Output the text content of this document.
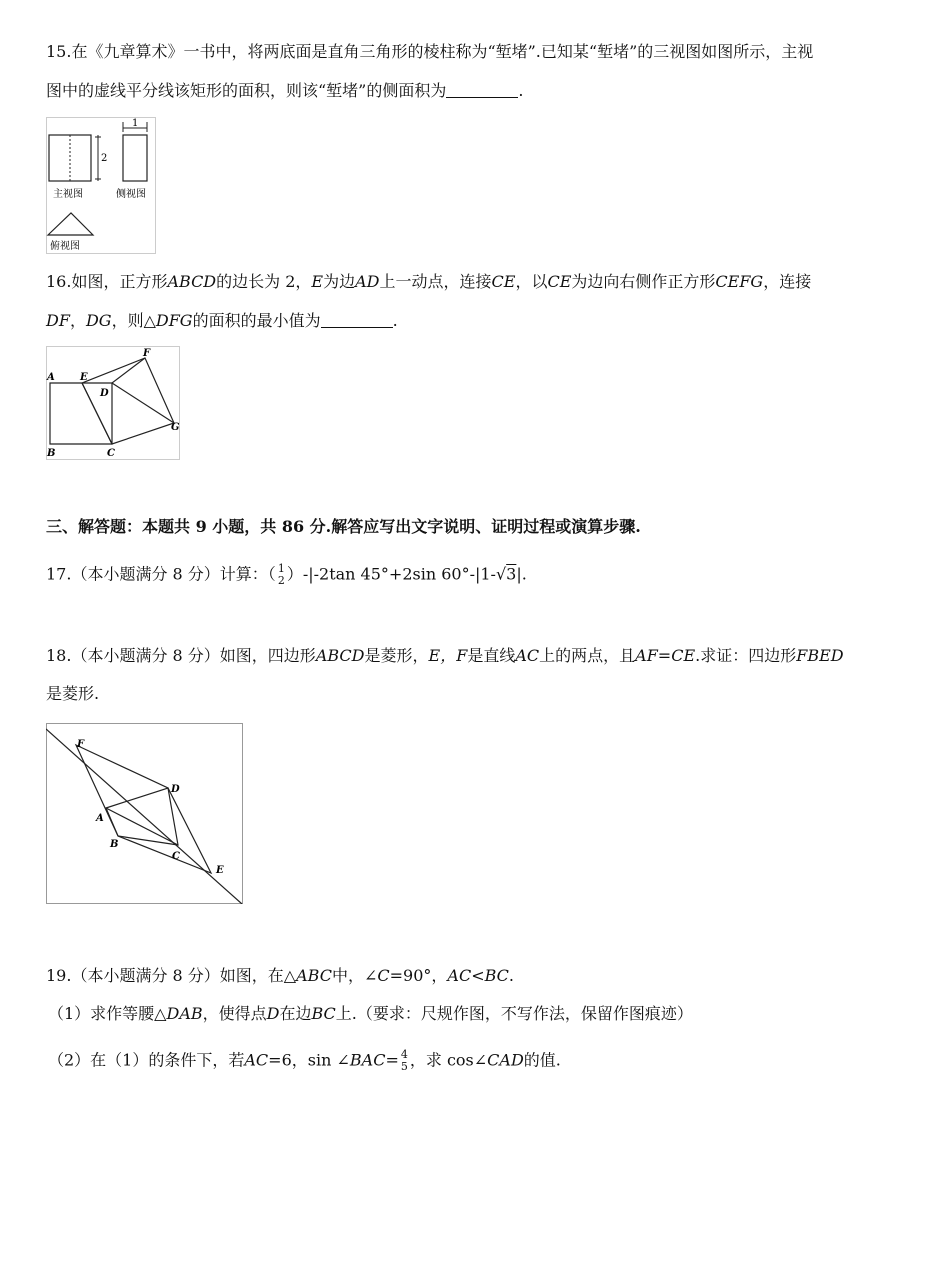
15.在《九章算术》一书中，将两底面是直角三角形的棱柱称为“堑堵”.已知某“堑堵”的三视图如图所示，主视
图中的虚线平分线该矩形的面积，则该“堑堵”的侧面积为	.
2
1
主视图	侧视图
俯视图
16.如图，正方形ABCD的边长为 2，E为边AD上一动点，连接CE，以CE为边向右侧作正方形CEFG，连接
DF，DG，则△DFG的面积的最小值为	.
A	E
D
F
G
B	C
三、解答题：本题共 9 小题，共 86 分.解答应写出文字说明、证明过程或演算步骤.
17.（本小题满分 8 分）计算：（ 1
2 ）-|-2tan 45°+2sin 60°-|1-√3|.
18.（本小题满分 8 分）如图，四边形ABCD是菱形，E，F是直线AC上的两点，且AF=CE.求证：四边形FBED
是菱形.
F
A
D
B
C
E
19.（本小题满分 8 分）如图，在△ABC中，∠C=90°，AC<BC.
（1）求作等腰△DAB，使得点D在边BC上.（要求：尺规作图，不写作法，保留作图痕迹）
（2）在（1）的条件下，若AC=6，sin ∠BAC= 4
5 ，求 cos∠CAD的值.
